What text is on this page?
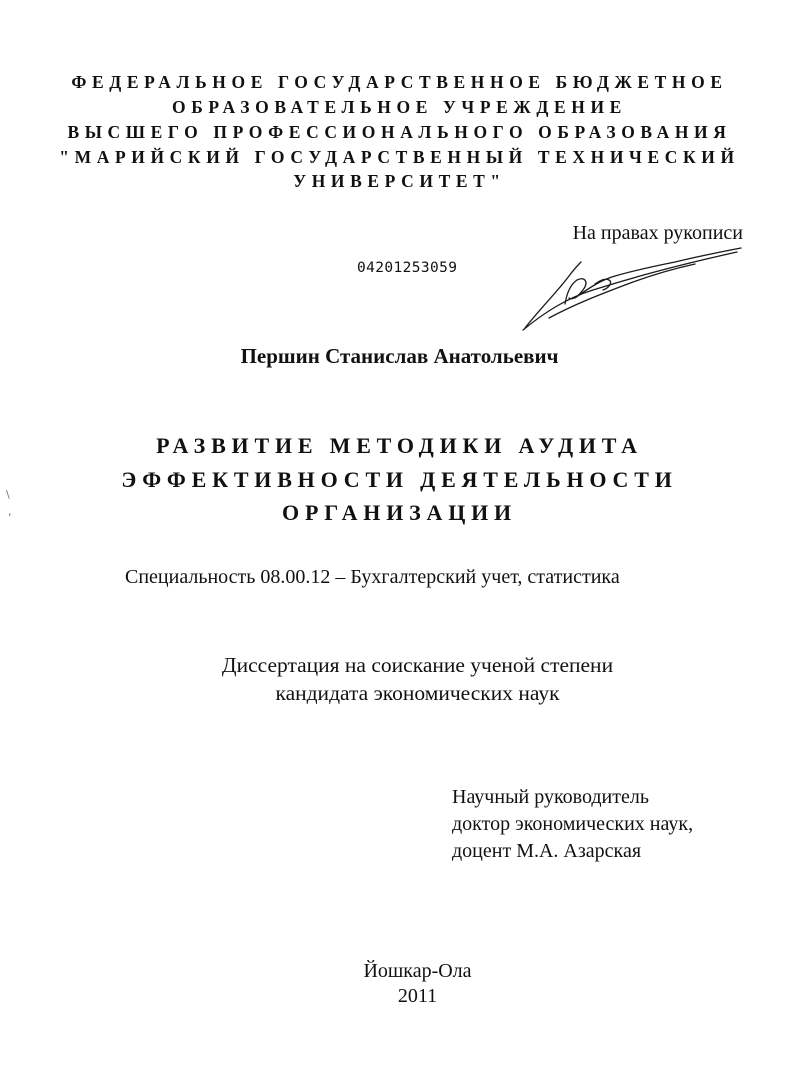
ФЕДЕРАЛЬНОЕ ГОСУДАРСТВЕННОЕ БЮДЖЕТНОЕ
ОБРАЗОВАТЕЛЬНОЕ УЧРЕЖДЕНИЕ
ВЫСШЕГО ПРОФЕССИОНАЛЬНОГО ОБРАЗОВАНИЯ
"МАРИЙСКИЙ ГОСУДАРСТВЕННЫЙ ТЕХНИЧЕСКИЙ
УНИВЕРСИТЕТ"
На правах рукописи
04201253059
Першин Станислав Анатольевич
\
,
РАЗВИТИЕ МЕТОДИКИ АУДИТА
ЭФФЕКТИВНОСТИ ДЕЯТЕЛЬНОСТИ
ОРГАНИЗАЦИИ
Специальность 08.00.12 – Бухгалтерский учет, статистика
Диссертация на соискание ученой степени
кандидата экономических наук
Научный руководитель
доктор экономических наук,
доцент М.А. Азарская
Йошкар-Ола
2011
